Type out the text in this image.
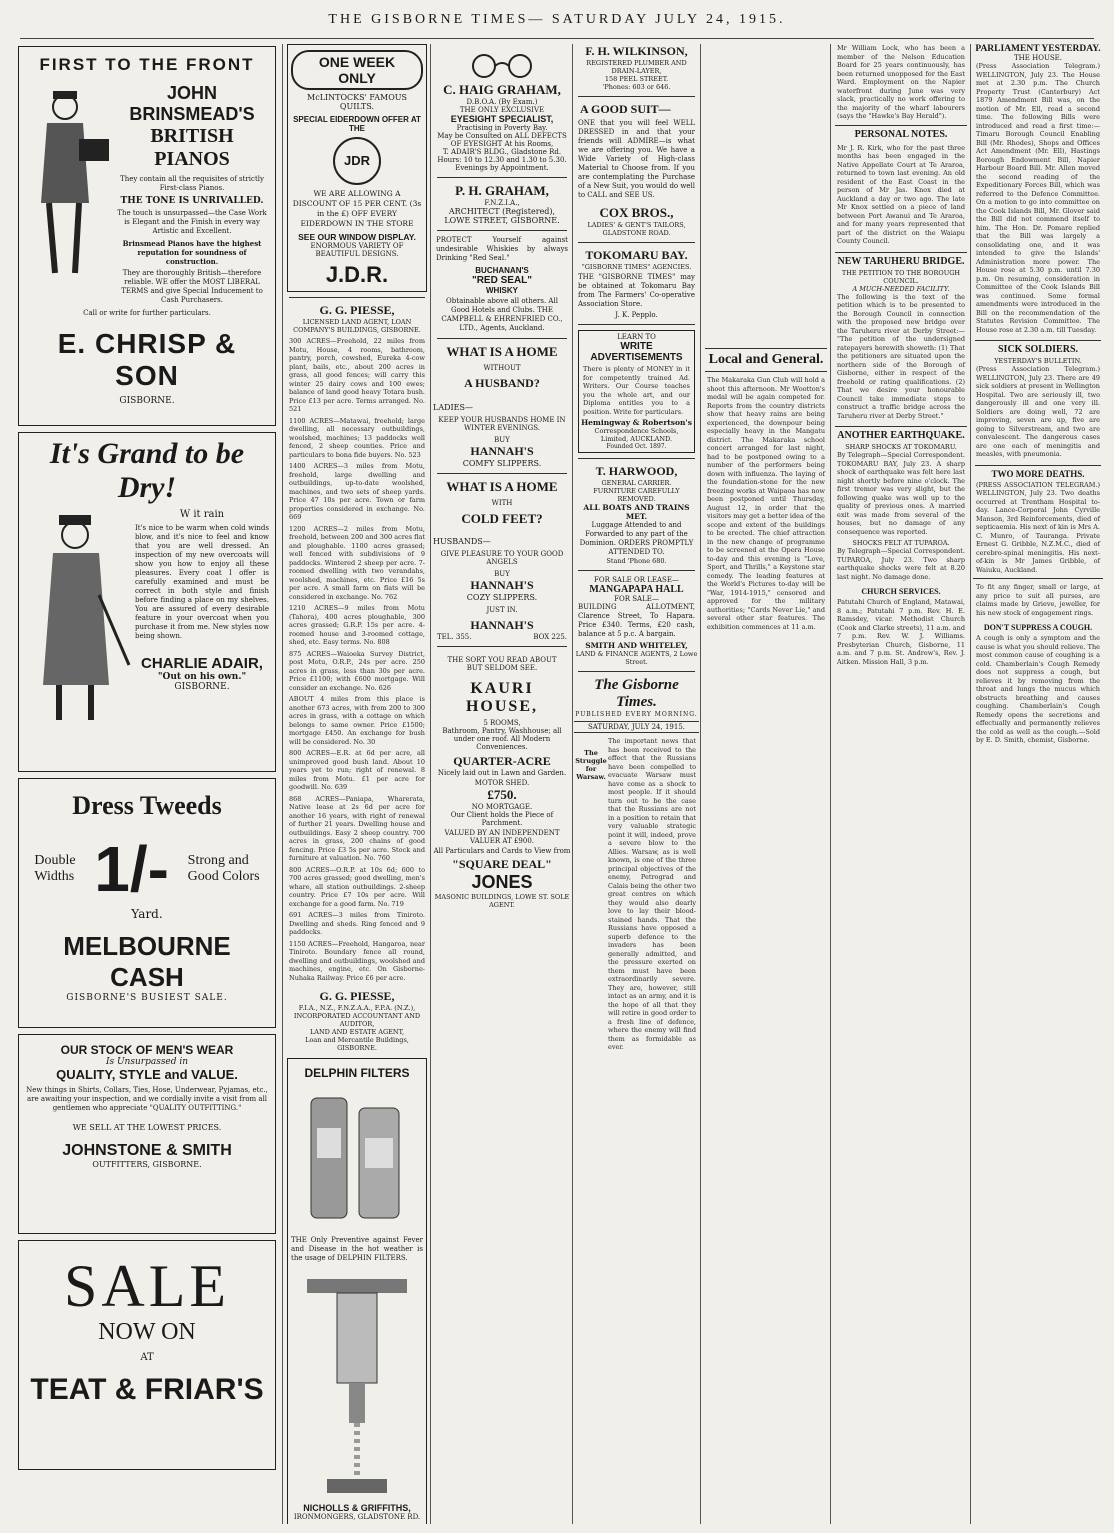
THE GISBORNE TIMES— SATURDAY JULY 24, 1915.
FIRST TO THE FRONT
JOHN BRINSMEAD'S
BRITISH PIANOS
They contain all the requisites of strictly First-class Pianos.
THE TONE IS UNRIVALLED.
The touch is unsurpassed—the Case Work is Elegant and the Finish in every way Artistic and Excellent.
Brinsmead Pianos have the highest reputation for soundness of construction.
They are thoroughly British—therefore reliable. WE offer the MOST LIBERAL TERMS and give Special Inducement to Cash Purchasers.
Call or write for further particulars.
E. CHRISP & SON
GISBORNE.
It's Grand to be Dry!
W it rain
It's nice to be warm when cold winds blow, and it's nice to feel and know that you are well dressed. An inspection of my new overcoats will show you how to enjoy all these pleasures. Every coat I offer is carefully examined and must be correct in both style and finish before finding a place on my shelves. You are assured of every desirable feature in your overcoat when you purchase it from me. New styles now being shown.
CHARLIE ADAIR,
"Out on his own."
GISBORNE.
Dress Tweeds
Double
Widths 1/- Strong and
Good Colors
Yard.
MELBOURNE CASH
GISBORNE'S BUSIEST SALE.
OUR STOCK OF MEN'S WEAR
Is Unsurpassed in
QUALITY, STYLE and VALUE.
New things in Shirts, Collars, Ties, Hose, Underwear, Pyjamas, etc., are awaiting your inspection, and we cordially invite a visit from all gentlemen who appreciate "QUALITY OUTFITTING."
WE SELL AT THE LOWEST PRICES.
JOHNSTONE & SMITH
OUTFITTERS, GISBORNE.
SALE
NOW ON
AT
TEAT & FRIAR'S
ONE WEEK ONLY
McLINTOCKS' FAMOUS QUILTS.
SPECIAL EIDERDOWN OFFER AT THE
JDR
WE ARE ALLOWING A DISCOUNT OF 15 PER CENT. (3s in the £) OFF EVERY EIDERDOWN IN THE STORE
SEE OUR WINDOW DISPLAY.
ENORMOUS VARIETY OF BEAUTIFUL DESIGNS.
J.D.R.
G. G. PIESSE,
LICENSED LAND AGENT, LOAN COMPANY'S BUILDINGS, GISBORNE.
300 ACRES—Freehold, 22 miles from Motu, House, 4 rooms, bathroom, pantry, porch, cowshed, Eureka 4-cow plant, bails, etc., about 200 acres in grass, all good fences; will carry this winter 25 dairy cows and 100 ewes; balance of land good heavy Totara bush. Price £13 per acre. Terms arranged. No. 521
1100 ACRES—Matawai, freehold; large dwelling, all necessary outbuildings, woolshed, machines; 13 paddocks well fenced, 2 sheep counties. Price and particulars to bona fide buyers. No. 523
1400 ACRES—3 miles from Motu, freehold, large dwelling and outbuildings, up-to-date woolshed, machines, and two sets of sheep yards. Price 47 10s per acre. Town or farm properties considered in exchange. No. 669
1200 ACRES—2 miles from Motu, freehold, between 200 and 300 acres flat and ploughable. 1100 acres grassed; well fenced with subdivisions of 9 paddocks. Wintered 2 sheep per acre. 7-roomed dwelling with two verandahs, woolshed, machines, etc. Price £16 5s per acre. A small farm on flats will be considered in exchange. No. 762
1210 ACRES—9 miles from Motu (Tahora), 400 acres ploughable, 300 acres grassed; G.R.P. 15s per acre. 4-roomed house and 3-roomed cottage, shed, etc. Easy terms. No. 808
875 ACRES—Waioeka Survey District, post Motu, O.R.P., 24s per acre. 250 acres in grass, less than 30s per acre. Price £1100; with £600 mortgage. Will consider an exchange. No. 626
ABOUT 4 miles from this place is another 673 acres, with from 200 to 300 acres in grass, with a cottage on which belongs to same owner. Price £1500; mortgage £450. An exchange for bush will be considered. No. 30
800 ACRES—E.R. at 6d per acre, all unimproved good bush land. About 10 years yet to run; right of renewal. 8 miles from Motu. £1 per acre for goodwill. No. 639
868 ACRES—Paniapa, Wharerata, Native lease at 2s 6d per acre for another 16 years, with right of renewal of further 21 years. Dwelling house and outbuildings. Easy 2 sheep country. 700 acres in grass, 200 chains of good fencing. Price £3 5s per acre. Stock and furniture at valuation. No. 760
800 ACRES—O.R.P. at 10s 6d; 600 to 700 acres grassed; good dwelling, men's whare, all station outbuildings. 2-sheep country. Price £7 10s per acre. Will exchange for a good farm. No. 719
691 ACRES—3 miles from Tiniroto. Dwelling and sheds. Ring fenced and 9 paddocks.
1150 ACRES—Freehold, Hangaroa, near Tiniroto. Boundary fence all round, dwelling and outbuildings, woolshed and machines, engine, etc. On Gisborne-Nuhaka Railway. Price £6 per acre.
G. G. PIESSE,
F.I.A., N.Z., F.N.Z.A.A., F.P.A. (N.Z.),
INCORPORATED ACCOUNTANT AND AUDITOR,
LAND AND ESTATE AGENT,
Loan and Mercantile Buildings, GISBORNE.
DELPHIN FILTERS
THE Only Preventive against Fever and Disease in the hot weather is the usage of DELPHIN FILTERS.
NICHOLLS & GRIFFITHS,
IRONMONGERS, GLADSTONE RD.
C. HAIG GRAHAM,
D.B.O.A. (By Exam.)
THE ONLY EXCLUSIVE
EYESIGHT SPECIALIST,
Practising in Poverty Bay.
May be Consulted on ALL DEFECTS OF EYESIGHT At his Rooms,
T. ADAIR'S BLDG., Gladstone Rd. Hours: 10 to 12.30 and 1.30 to 5.30. Evenings by Appointment.
P. H. GRAHAM,
F.N.Z.I.A.,
ARCHITECT (Registered),
LOWE STREET, GISBORNE.
PROTECT Yourself against undesirable Whiskies by always Drinking "Red Seal."
BUCHANAN'S
"RED SEAL"
WHISKY
Obtainable above all others. All Good Hotels and Clubs. THE CAMPBELL & EHRENFRIED CO., LTD., Agents, Auckland.
WHAT IS A HOME
WITHOUT
A HUSBAND?
LADIES—
KEEP YOUR HUSBANDS HOME IN WINTER EVENINGS.
BUY
HANNAH'S
COMFY SLIPPERS.
WHAT IS A HOME
WITH
COLD FEET?
HUSBANDS—
GIVE PLEASURE TO YOUR GOOD ANGELS
BUY
HANNAH'S
COZY SLIPPERS.
JUST IN.
HANNAH'S
TEL. 355.	BOX 225.
THE SORT YOU READ ABOUT BUT SELDOM SEE.
KAURI HOUSE,
5 ROOMS,
Bathroom, Pantry, Washhouse; all under one roof. All Modern Conveniences.
QUARTER-ACRE
Nicely laid out in Lawn and Garden.
MOTOR SHED.
£750.
NO MORTGAGE.
Our Client holds the Piece of Parchment.
VALUED BY AN INDEPENDENT VALUER AT £900.
All Particulars and Cards to View from
"SQUARE DEAL"
JONES
MASONIC BUILDINGS, LOWE ST. SOLE AGENT.
F. H. WILKINSON,
REGISTERED PLUMBER AND DRAIN-LAYER,
158 PEEL STREET.
'Phones: 603 or 646.
A GOOD SUIT—
ONE that you will feel WELL DRESSED in and that your friends will ADMIRE—is what we are offering you. We have a Wide Variety of High-class Material to Choose from. If you are contemplating the Purchase of a New Suit, you would do well to CALL and SEE US.
COX BROS.,
LADIES' & GENT'S TAILORS, GLADSTONE ROAD.
TOKOMARU BAY.
"GISBORNE TIMES" AGENCIES.
THE "GISBORNE TIMES" may be obtained at Tokomaru Bay from The Farmers' Co-operative Association Store.
J. K. Pepplo.
LEARN TO
WRITE ADVERTISEMENTS
There is plenty of MONEY in it for competently trained Ad. Writers. Our Course teaches you the whole art, and our Diploma entitles you to a position. Write for particulars.
Hemingway & Robertson's
Correspondence Schools, Limited, AUCKLAND.
Founded Oct. 1897.
T. HARWOOD,
GENERAL CARRIER.
FURNITURE CAREFULLY REMOVED.
ALL BOATS AND TRAINS MET.
Luggage Attended to and Forwarded to any part of the Dominion. ORDERS PROMPTLY ATTENDED TO.
Stand 'Phone 680.
FOR SALE OR LEASE—
MANGAPAPA HALL
FOR SALE—
BUILDING ALLOTMENT, Clarence Street, To Hapara. Price £340. Terms, £20 cash, balance at 5 p.c. A bargain.
SMITH AND WHITELEY,
LAND & FINANCE AGENTS, 2 Lowe Street.
The Gisborne Times.
PUBLISHED EVERY MORNING.
SATURDAY, JULY 24, 1915.
The Struggle for Warsaw.
The important news that has been received to the effect that the Russians have been compelled to evacuate Warsaw must have come as a shock to most people. If it should turn out to be the case that the Russians are not in a position to retain that very valuable strategic point it will, indeed, prove a severe blow to the Allies. Warsaw, as is well known, is one of the three principal objectives of the enemy, Petrograd and Calais being the other two great centres on which they would also dearly love to lay their blood-stained hands. That the Russians have opposed a superb defence to the invaders has been generally admitted, and the pressure exerted on them must have been extraordinarily severe. They are, however, still intact as an army, and it is the hope of all that they will retire in good order to a fresh line of defence, where the enemy will find them as formidable as ever.
Local and General.
The Makaraka Gun Club will hold a shoot this afternoon. Mr Wootton's medal will be again competed for. Reports from the country districts show that heavy rains are being experienced, the downpour being especially heavy in the Mangatu district. The Makaraka school concert arranged for last night, had to be postponed owing to a number of the performers being down with influenza. The laying of the foundation-stone for the new freezing works at Waipaoa has now been postponed until Thursday, August 12, in order that the visitors may get a better idea of the scope and extent of the buildings to be erected. The chief attraction in the new change of programme to be screened at the Opera House to-day and this evening is "Love, Sport, and Thrills," a Keystone star comedy. The leading features at the World's Pictures to-day will be "War, 1914-1915," censored and approved for the military authorities; "Cards Never Lie," and several other star features. The exhibition commences at 11 a.m.
Mr William Lock, who has been a member of the Nelson Education Board for 25 years continuously, has been returned unopposed for the East Ward. Employment on the Napier waterfront during June was very slack, practically no work offering to the majority of the wharf labourers (says the "Hawke's Bay Herald").
PERSONAL NOTES.
Mr J. R. Kirk, who for the past three months has been engaged in the Native Appellate Court at Te Araroa, returned to town last evening. An old resident of the East Coast in the person of Mr Jas. Knox died at Auckland a day or two ago. The late Mr Knox settled on a piece of land between Port Awanui and Te Araroa, and for many years represented that part of the district on the Waiapu County Council.
NEW TARUHERU BRIDGE.
THE PETITION TO THE BOROUGH COUNCIL.
A MUCH-NEEDED FACILITY.
The following is the text of the petition which is to be presented to the Borough Council in connection with the proposed new bridge over the Taruheru river at Derby Street:— "The petition of the undersigned ratepayers herewith showeth: (1) That the petitioners are situated upon the northern side of the Borough of Gisborne, either in respect of the freehold or rating qualifications. (2) That we desire your honourable Council take immediate steps to construct a traffic bridge across the Taruheru river at Derby Street."
ANOTHER EARTHQUAKE.
SHARP SHOCKS AT TOKOMARU.
By Telegraph—Special Correspondent. TOKOMARU BAY, July 23. A sharp shock of earthquake was felt here last night shortly before nine o'clock. The first tremor was very slight, but the following quake was well up to the quality of previous ones. A married exit was made from several of the houses, but no damage of any consequence was reported.
SHOCKS FELT AT TUPAROA.
By Telegraph—Special Correspondent. TUPAROA, July 23. Two sharp earthquake shocks were felt at 8.20 last night. No damage done.
CHURCH SERVICES.
Patutahi Church of England, Matawai, 8 a.m.; Patutahi 7 p.m. Rev. H. E. Ramsdey, vicar. Methodist Church (Cook and Clarke streets), 11 a.m. and 7 p.m. Rev. W. J. Williams. Presbyterian Church, Gisborne, 11 a.m. and 7 p.m. St. Andrew's, Rev. J. Aitken. Mission Hall, 3 p.m.
PARLIAMENT YESTERDAY.
THE HOUSE.
(Press Association Telegram.) WELLINGTON, July 23. The House met at 2.30 p.m. The Church Property Trust (Canterbury) Act 1879 Amendment Bill was, on the motion of Mr. Ell, read a second time. The following Bills were introduced and read a first time:—Timaru Borough Council Enabling Bill (Mr. Rhodes), Shops and Offices Act Amendment (Mr. Ell), Hastings Borough Endowment Bill, Napier Harbour Board Bill. Mr. Allen moved the second reading of the Expeditionary Forces Bill, which was referred to the Defence Committee. On a motion to go into committee on the Cook Islands Bill, Mr. Glover said the Bill did not commend itself to him. The Hon. Dr. Pomare replied that the Bill was largely a consolidating one, and it was intended to give the Islands' Administration more power. The House rose at 5.30 p.m. until 7.30 p.m. On resuming, consideration in Committee of the Cook Islands Bill was continued. Some formal amendments were introduced in the Bill on the recommendation of the Statutes Revision Committee. The House rose at 2.30 a.m. till Tuesday.
SICK SOLDIERS.
YESTERDAY'S BULLETIN.
(Press Association Telegram.) WELLINGTON, July 23. There are 49 sick soldiers at present in Wellington Hospital. Two are seriously ill, two dangerously ill and one very ill. Soldiers are doing well, 72 are improving, seven are up, five are going to Silverstream, and two are convalescent. The dangerous cases are one each of meningitis and measles, with pneumonia.
TWO MORE DEATHS.
(PRESS ASSOCIATION TELEGRAM.) WELLINGTON, July 23. Two deaths occurred at Trentham Hospital to-day. Lance-Corporal John Cyrville Manson, 3rd Reinforcements, died of septicaemia. His next of kin is Mrs A. C. Munro, of Tauranga. Private Ernest G. Gribble, N.Z.M.C., died of cerebro-spinal meningitis. His next-of-kin is Mr James Gribble, of Waiuku, Auckland.
To fit any finger, small or large, at any price to suit all purses, are claims made by Grieve, jeweller, for his new stock of engagement rings.
DON'T SUPPRESS A COUGH.
A cough is only a symptom and the cause is what you should relieve. The most common cause of coughing is a cold. Chamberlain's Cough Remedy does not suppress a cough, but relieves it by removing from the throat and lungs the mucus which obstructs breathing and causes coughing. Chamberlain's Cough Remedy opens the secretions and effectually and permanently relieves the cold as well as the cough.—Sold by E. D. Smith, chemist, Gisborne.
